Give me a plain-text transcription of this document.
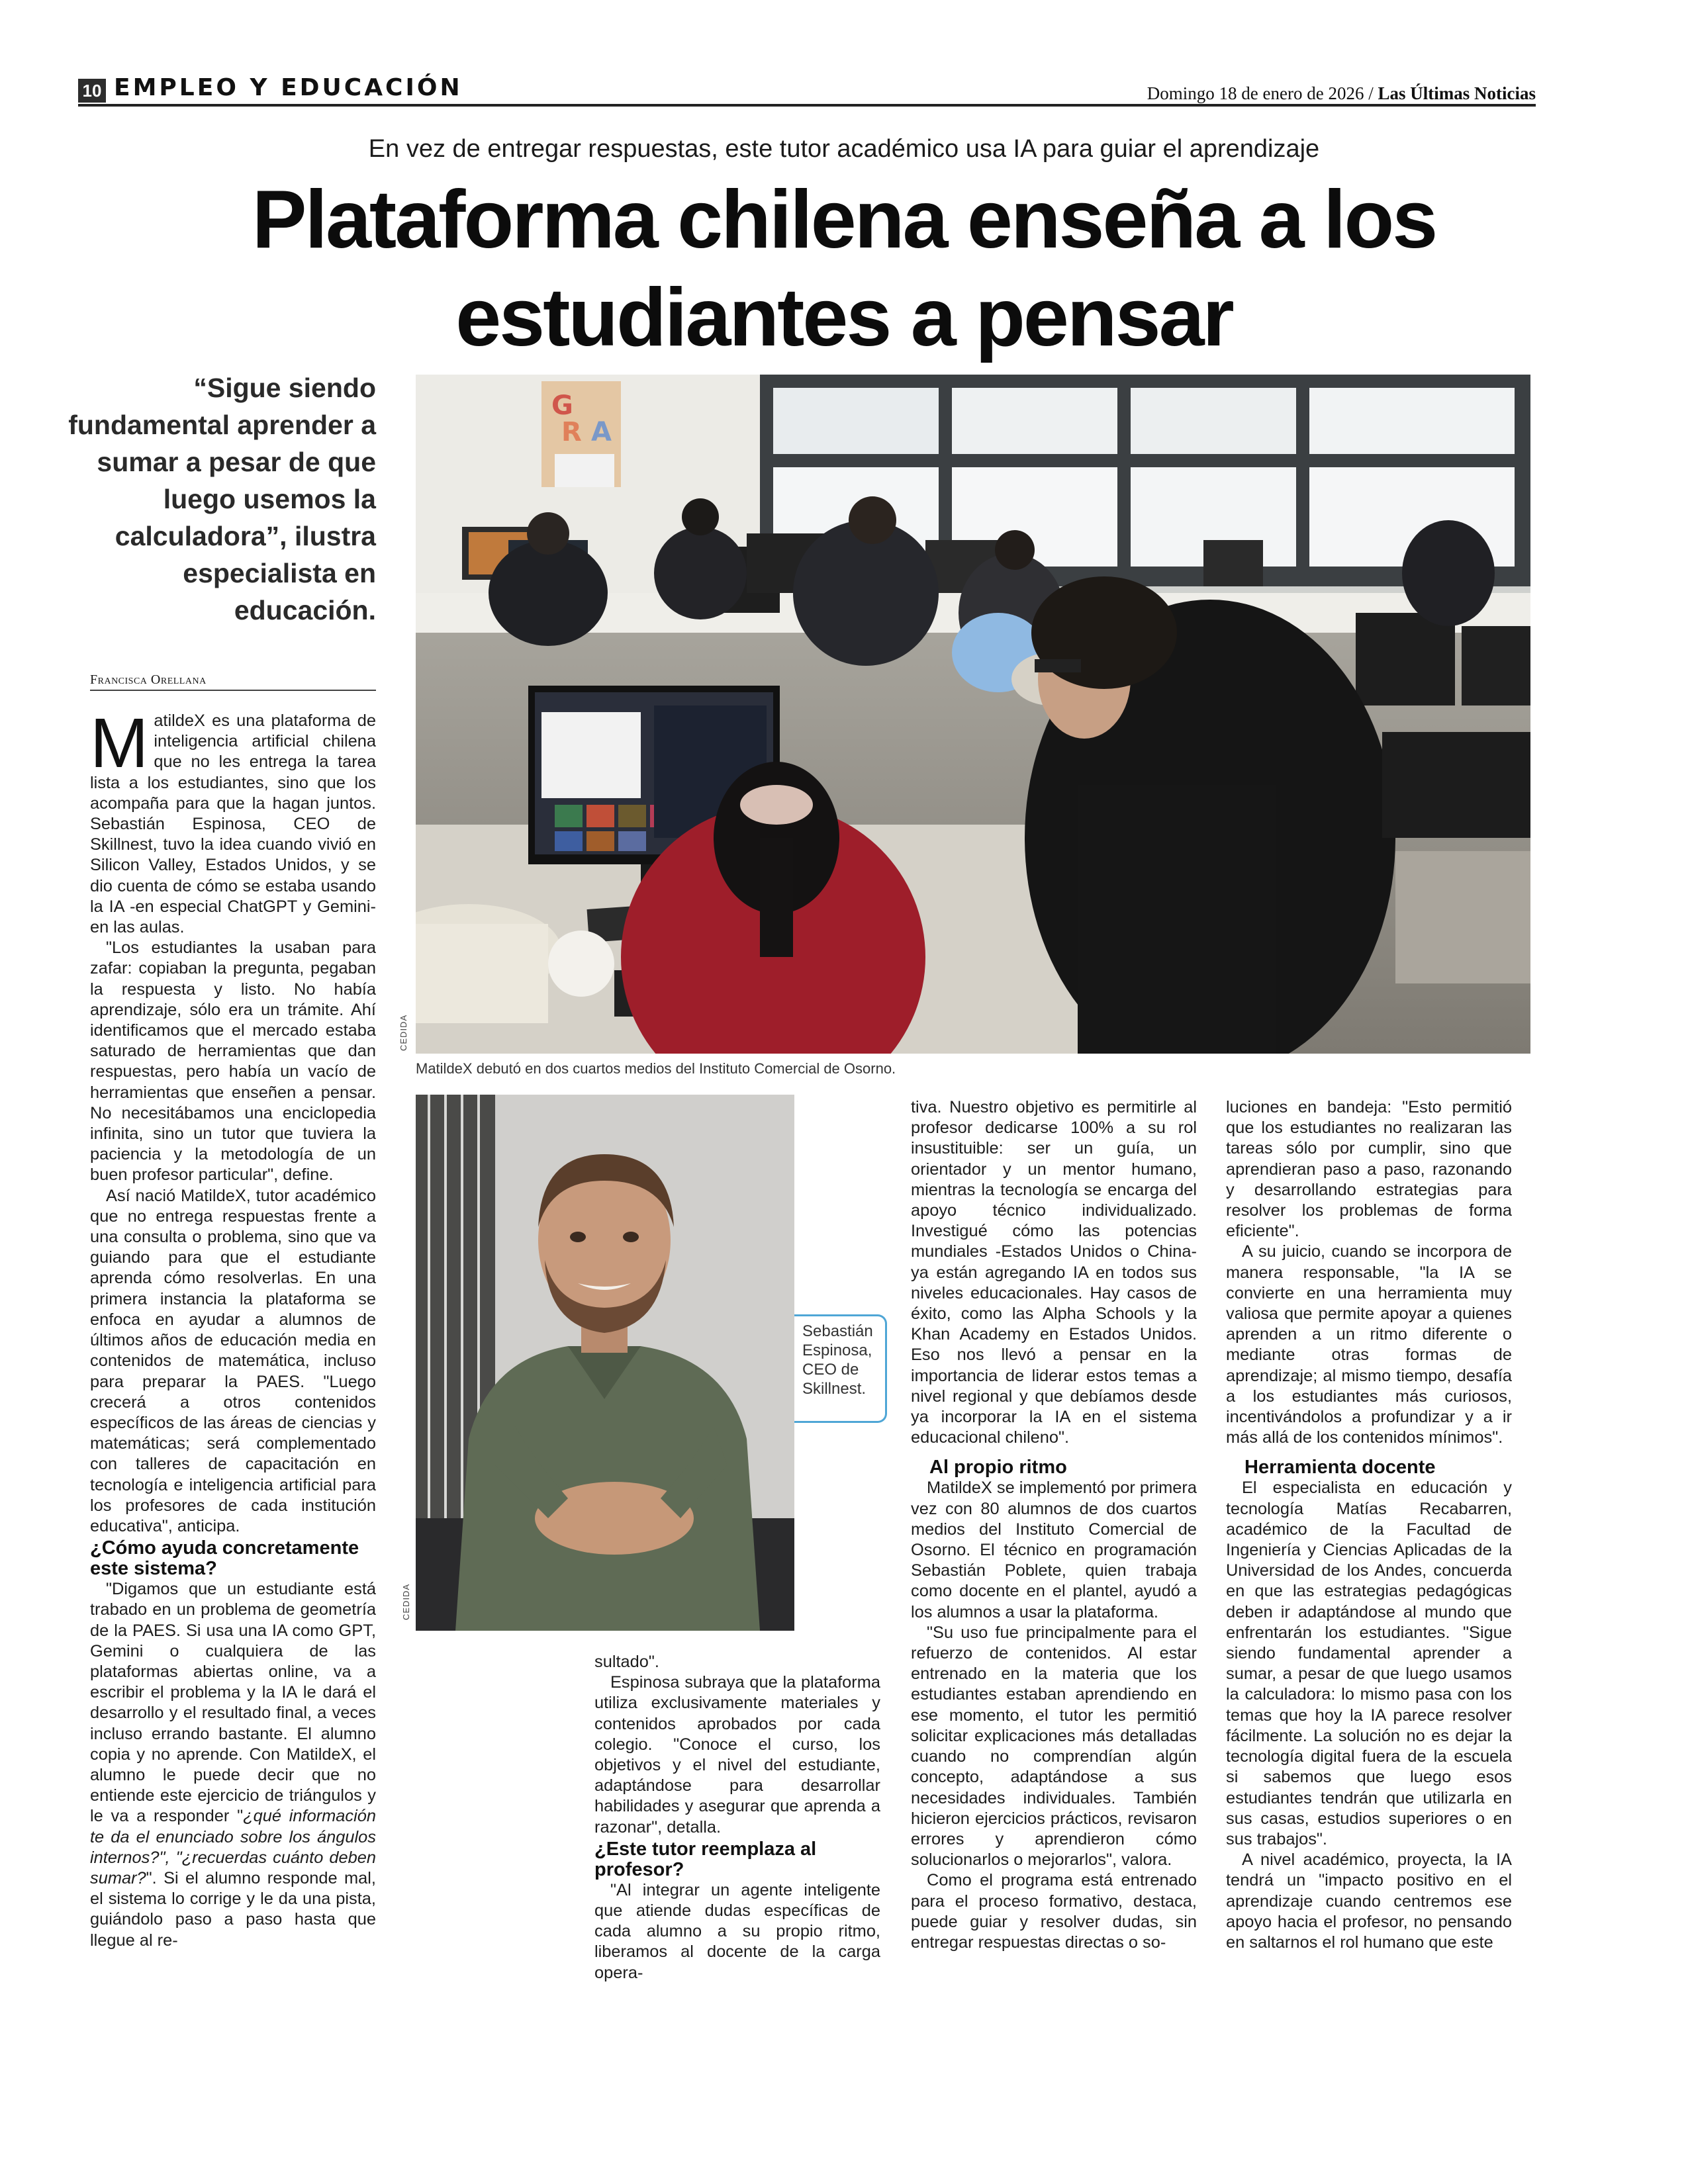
10 EMPLEO Y EDUCACIÓN	Domingo 18 de enero de 2026 / Las Últimas Noticias
En vez de entregar respuestas, este tutor académico usa IA para guiar el aprendizaje
Plataforma chilena enseña a los
estudiantes a pensar
“Sigue siendo fundamental aprender a sumar a pesar de que luego usemos la calculadora”, ilustra especialista en educación.
Francisca Orellana
G
R A
CEDIDA
MatildeX debutó en dos cuartos medios del Instituto Comercial de Osorno.
CEDIDA
Sebastián Espinosa, CEO de Skillnest.

MatildeX es una plataforma de inteligencia artificial chilena que no les entrega la tarea lista a los estudiantes, sino que los acompaña para que la hagan juntos. Sebastián Espinosa, CEO de Skillnest, tuvo la idea cuando vivió en Silicon Valley, Estados Unidos, y se dio cuenta de cómo se estaba usando la IA -en especial ChatGPT y Gemini- en las aulas.

"Los estudiantes la usaban para zafar: copiaban la pregunta, pegaban la respuesta y listo. No había aprendizaje, sólo era un trámite. Ahí identificamos que el mercado estaba saturado de herramientas que dan respuestas, pero había un vacío de herramientas que enseñen a pensar. No necesitábamos una enciclopedia infinita, sino un tutor que tuviera la paciencia y la metodología de un buen profesor particular", define.

Así nació MatildeX, tutor académico que no entrega respuestas frente a una consulta o problema, sino que va guiando para que el estudiante aprenda cómo resolverlas. En una primera instancia la plataforma se enfoca en ayudar a alumnos de últimos años de educación media en contenidos de matemática, incluso para preparar la PAES. "Luego crecerá a otros contenidos específicos de las áreas de ciencias y matemáticas; será complementado con talleres de capacitación en tecnología e inteligencia artificial para los profesores de cada institución educativa", anticipa.

¿Cómo ayuda concretamente este sistema?

"Digamos que un estudiante está trabado en un problema de geometría de la PAES. Si usa una IA como GPT, Gemini o cualquiera de las plataformas abiertas online, va a escribir el problema y la IA le dará el desarrollo y el resultado final, a veces incluso errando bastante. El alumno copia y no aprende. Con MatildeX, el alumno le puede decir que no entiende este ejercicio de triángulos y le va a responder "¿qué información te da el enunciado sobre los ángulos internos?", "¿recuerdas cuánto deben sumar?". Si el alumno responde mal, el sistema lo corrige y le da una pista, guiándolo paso a paso hasta que llegue al re-

sultado".

Espinosa subraya que la plataforma utiliza exclusivamente materiales y contenidos aprobados por cada colegio. "Conoce el curso, los objetivos y el nivel del estudiante, adaptándose para desarrollar habilidades y asegurar que aprenda a razonar", detalla.

¿Este tutor reemplaza al profesor?

"Al integrar un agente inteligente que atiende dudas específicas de cada alumno a su propio ritmo, liberamos al docente de la carga opera-

tiva. Nuestro objetivo es permitirle al profesor dedicarse 100% a su rol insustituible: ser un guía, un orientador y un mentor humano, mientras la tecnología se encarga del apoyo técnico individualizado. Investigué cómo las potencias mundiales -Estados Unidos o China- ya están agregando IA en todos sus niveles educacionales. Hay casos de éxito, como las Alpha Schools y la Khan Academy en Estados Unidos. Eso nos llevó a pensar en la importancia de liderar estos temas a nivel regional y que debíamos desde ya incorporar la IA en el sistema educacional chileno".

Al propio ritmo

MatildeX se implementó por primera vez con 80 alumnos de dos cuartos medios del Instituto Comercial de Osorno. El técnico en programación Sebastián Poblete, quien trabaja como docente en el plantel, ayudó a los alumnos a usar la plataforma.

"Su uso fue principalmente para el refuerzo de contenidos. Al estar entrenado en la materia que los estudiantes estaban aprendiendo en ese momento, el tutor les permitió solicitar explicaciones más detalladas cuando no comprendían algún concepto, adaptándose a sus necesidades individuales. También hicieron ejercicios prácticos, revisaron errores y aprendieron cómo solucionarlos o mejorarlos", valora.

Como el programa está entrenado para el proceso formativo, destaca, puede guiar y resolver dudas, sin entregar respuestas directas o so-

luciones en bandeja: "Esto permitió que los estudiantes no realizaran las tareas sólo por cumplir, sino que aprendieran paso a paso, razonando y desarrollando estrategias para resolver los problemas de forma eficiente".

A su juicio, cuando se incorpora de manera responsable, "la IA se convierte en una herramienta muy valiosa que permite apoyar a quienes aprenden a un ritmo diferente o mediante otras formas de aprendizaje; al mismo tiempo, desafía a los estudiantes más curiosos, incentivándolos a profundizar y a ir más allá de los contenidos mínimos".

Herramienta docente

El especialista en educación y tecnología Matías Recabarren, académico de la Facultad de Ingeniería y Ciencias Aplicadas de la Universidad de los Andes, concuerda en que las estrategias pedagógicas deben ir adaptándose al mundo que enfrentarán los estudiantes. "Sigue siendo fundamental aprender a sumar, a pesar de que luego usamos la calculadora: lo mismo pasa con los temas que hoy la IA parece resolver fácilmente. La solución no es dejar la tecnología digital fuera de la escuela si sabemos que luego esos estudiantes tendrán que utilizarla en sus casas, estudios superiores o en sus trabajos".

A nivel académico, proyecta, la IA tendrá un "impacto positivo en el aprendizaje cuando centremos ese apoyo hacia el profesor, no pensando en saltarnos el rol humano que este
